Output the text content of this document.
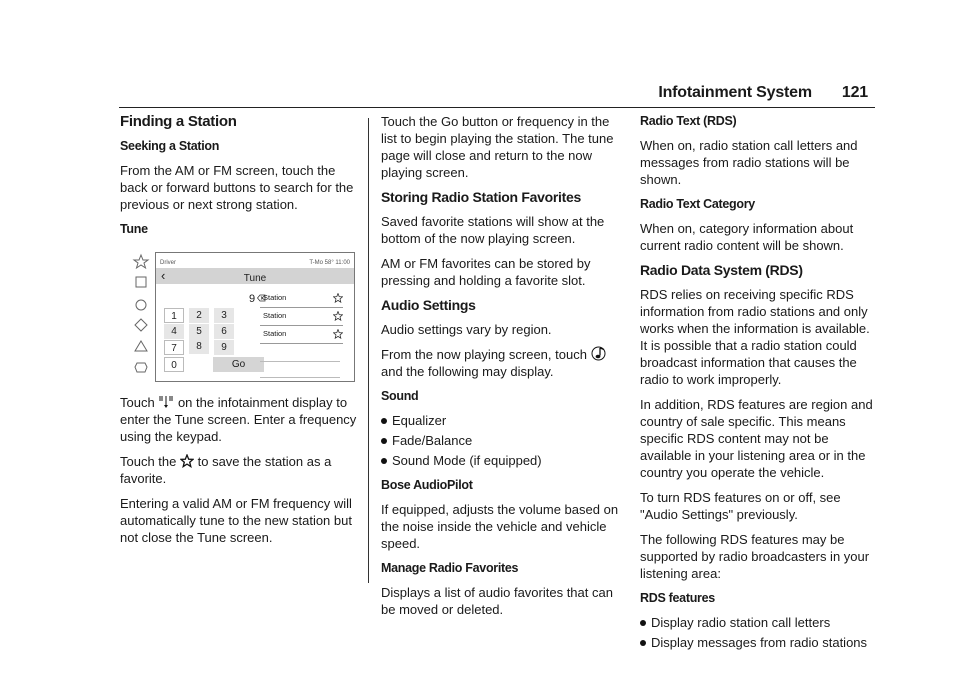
Infotainment System 121
Finding a Station
Seeking a Station

From the AM or FM screen, touch the back or forward buttons to search for the previous or next strong station.

Tune
Driver	T-Mo 58° 11:00
‹	Tune
9
1	2	3
4	5	6
7	8	9
0	Go
Station
Station
Station

Touch on the infotainment display to enter the Tune screen. Enter a frequency using the keypad.

Touch the to save the station as a favorite.

Entering a valid AM or FM frequency will automatically tune to the new station but not close the Tune screen.

Touch the Go button or frequency in the list to begin playing the station. The tune page will close and return to the now playing screen.

Storing Radio Station Favorites

Saved favorite stations will show at the bottom of the now playing screen.

AM or FM favorites can be stored by pressing and holding a favorite slot.

Audio Settings

Audio settings vary by region.

From the now playing screen, touch  and the following may display.

Sound
Equalizer
Fade/Balance
Sound Mode (if equipped)
Bose AudioPilot

If equipped, adjusts the volume based on the noise inside the vehicle and vehicle speed.

Manage Radio Favorites

Displays a list of audio favorites that can be moved or deleted.

Radio Text (RDS)

When on, radio station call letters and messages from radio stations will be shown.

Radio Text Category

When on, category information about current radio content will be shown.

Radio Data System (RDS)

RDS relies on receiving specific RDS information from radio stations and only works when the information is available. It is possible that a radio station could broadcast information that causes the radio to work improperly.

In addition, RDS features are region and country of sale specific. This means specific RDS content may not be available in your listening area or in the country you operate the vehicle.

To turn RDS features on or off, see "Audio Settings" previously.

The following RDS features may be supported by radio broadcasters in your listening area:

RDS features
Display radio station call letters
Display messages from radio stations
